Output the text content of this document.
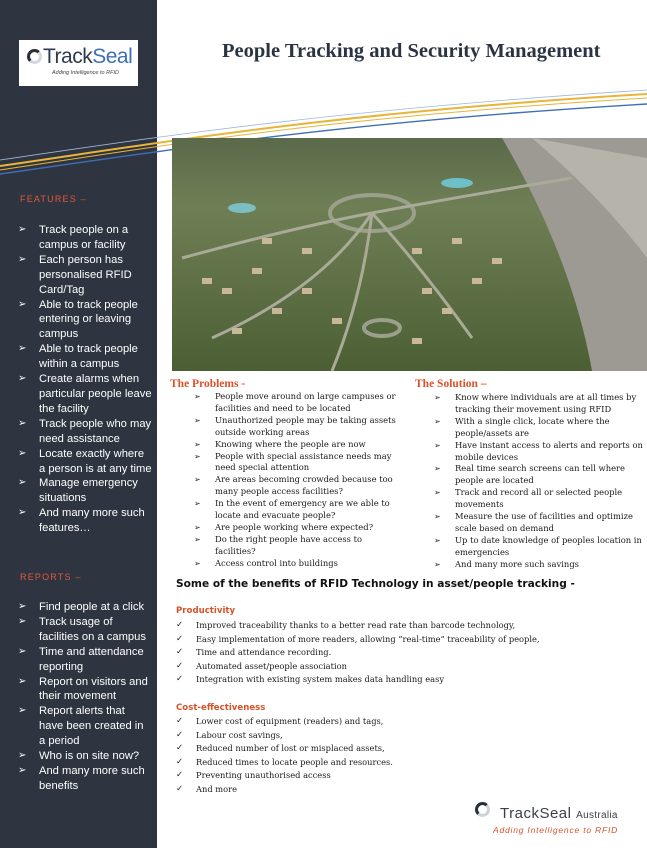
TrackSeal
Adding Intelligence to RFID
FEATURES –
➢ Track people on a campus or facility
➢ Each person has personalised RFID Card/Tag
➢ Able to track people entering or leaving campus
➢ Able to track people within a campus
➢ Create alarms when particular people leave the facility
➢ Track people who may need assistance
➢ Locate exactly where a person is at any time
➢ Manage emergency situations
➢ And many more such features…
REPORTS –
➢ Find people at a click
➢ Track usage of facilities on a campus
➢ Time and attendance reporting
➢ Report on visitors and their movement
➢ Report alerts that have been created in a period
➢ Who is on site now?
➢ And many more such benefits
People Tracking and Security Management
The Problems -
➢ People move around on large campuses or facilities and need to be located
➢ Unauthorized people may be taking assets outside working areas
➢ Knowing where the people are now
➢ People with special assistance needs may need special attention
➢ Are areas becoming crowded because too many people access facilities?
➢ In the event of emergency are we able to locate and evacuate people?
➢ Are people working where expected?
➢ Do the right people have access to facilities?
➢ Access control into buildings
The Solution –
➢ Know where individuals are at all times by tracking their movement using RFID
➢ With a single click, locate where the people/assets are
➢ Have instant access to alerts and reports on mobile devices
➢ Real time search screens can tell where people are located
➢ Track and record all or selected people movements
➢ Measure the use of facilities and optimize scale based on demand
➢ Up to date knowledge of peoples location in emergencies
➢ And many more such savings
Some of the benefits of RFID Technology in asset/people tracking -
Productivity
✓ Improved traceability thanks to a better read rate than barcode technology,
✓ Easy implementation of more readers, allowing “real-time” traceability of people,
✓ Time and attendance recording.
✓ Automated asset/people association
✓ Integration with existing system makes data handling easy
Cost-effectiveness
✓ Lower cost of equipment (readers) and tags,
✓ Labour cost savings,
✓ Reduced number of lost or misplaced assets,
✓ Reduced times to locate people and resources.
✓ Preventing unauthorised access
✓ And more
TrackSeal Australia
Adding Intelligence to RFID
